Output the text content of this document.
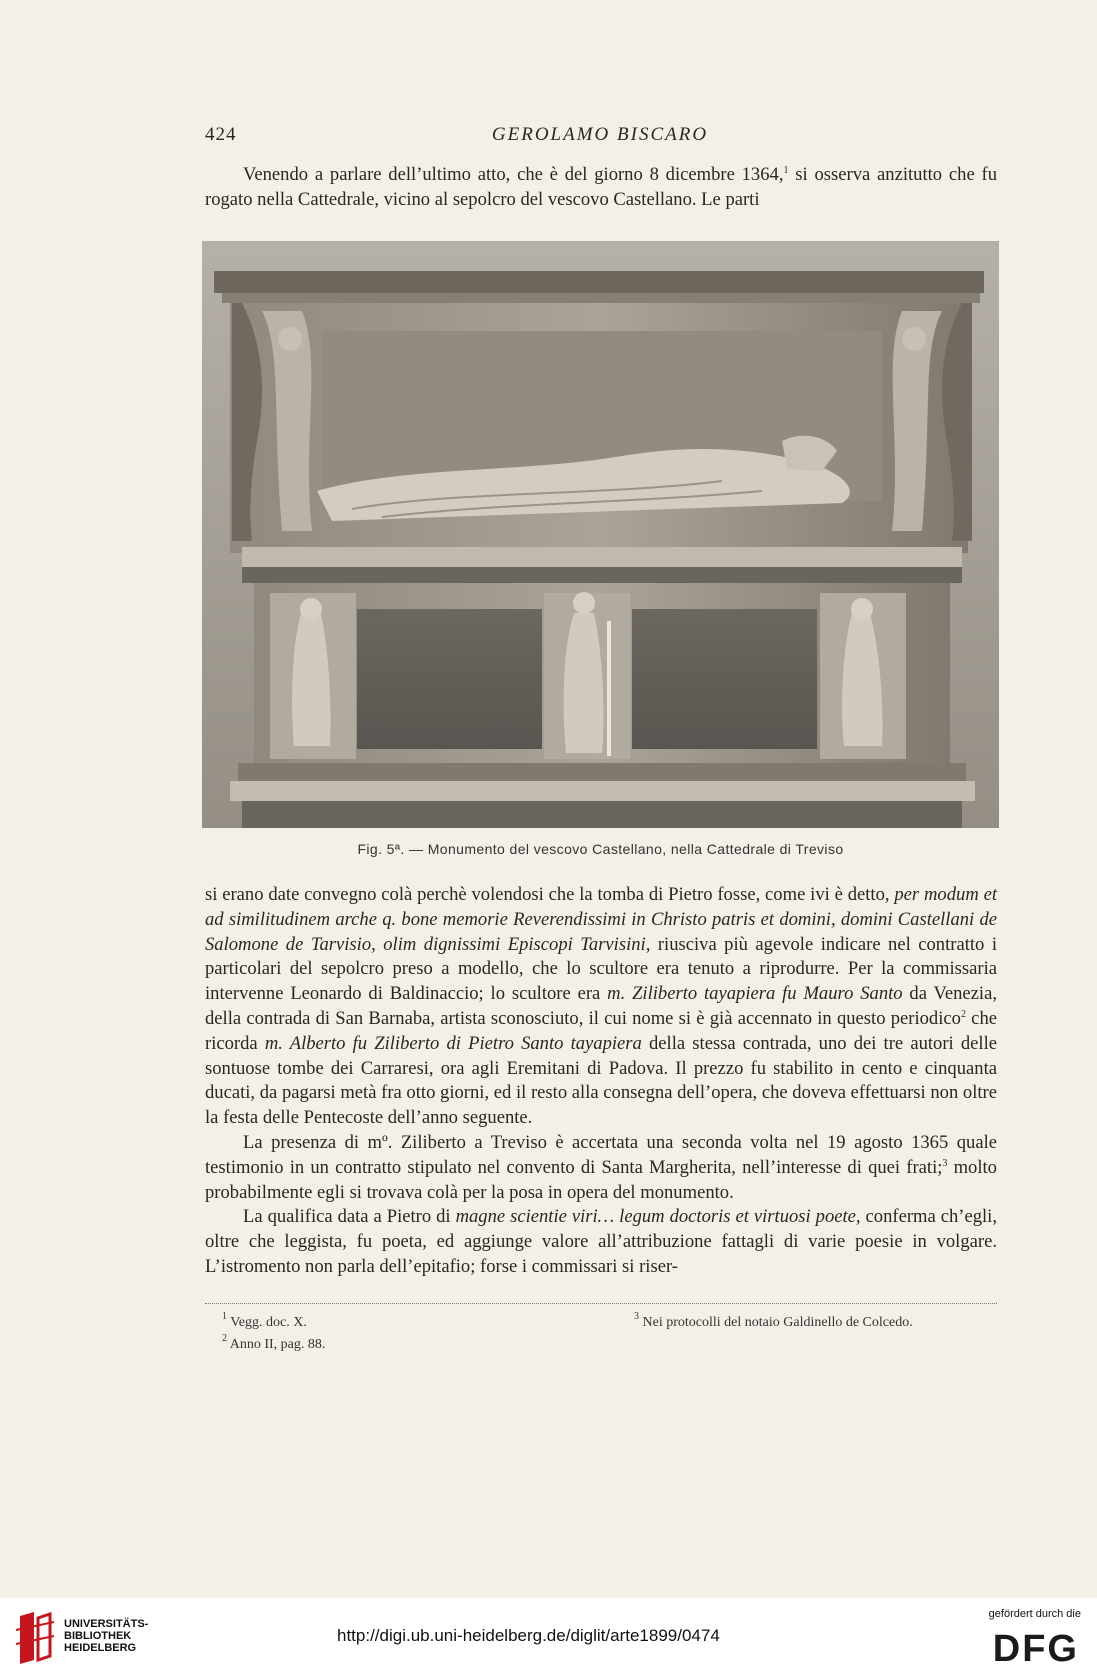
424	GEROLAMO BISCARO

Venendo a parlare dell’ultimo atto, che è del giorno 8 dicembre 1364,$^1$ si osserva anzitutto che fu rogato nella Cattedrale, vicino al sepolcro del vescovo Castellano. Le parti

Fig. 5ª. — Monumento del vescovo Castellano, nella Cattedrale di Treviso

si erano date convegno colà perchè volendosi che la tomba di Pietro fosse, come ivi è detto, per modum et ad similitudinem arche q. bone memorie Reverendissimi in Christo patris et domini, domini Castellani de Salomone de Tarvisio, olim dignissimi Episcopi Tarvisini, riusciva più agevole indicare nel contratto i particolari del sepolcro preso a modello, che lo scultore era tenuto a riprodurre. Per la commissaria intervenne Leonardo di Baldinaccio; lo scultore era m. Ziliberto tayapiera fu Mauro Santo da Venezia, della contrada di San Barnaba, artista sconosciuto, il cui nome si è già accennato in questo periodico$^2$ che ricorda m. Alberto fu Ziliberto di Pietro Santo tayapiera della stessa contrada, uno dei tre autori delle sontuose tombe dei Carraresi, ora agli Eremitani di Padova. Il prezzo fu stabilito in cento e cinquanta ducati, da pagarsi metà fra otto giorni, ed il resto alla consegna dell’opera, che doveva effettuarsi non oltre la festa delle Pentecoste dell’anno seguente.

La presenza di mº. Ziliberto a Treviso è accertata una seconda volta nel 19 agosto 1365 quale testimonio in un contratto stipulato nel convento di Santa Margherita, nell’interesse di quei frati;$^3$ molto probabilmente egli si trovava colà per la posa in opera del monumento.

La qualifica data a Pietro di magne scientie viri… legum doctoris et virtuosi poete, conferma ch’egli, oltre che leggista, fu poeta, ed aggiunge valore all’attribuzione fattagli di varie poesie in volgare. L’istromento non parla dell’epitafio; forse i commissari si riser-

$^1$ Vegg. doc. X.
$^2$ Anno II, pag. 88.
$^3$ Nei protocolli del notaio Galdinello de Colcedo.
UNIVERSITÄTS-
BIBLIOTHEK
HEIDELBERG
http://digi.ub.uni-heidelberg.de/diglit/arte1899/0474
gefördert durch die
DFG
